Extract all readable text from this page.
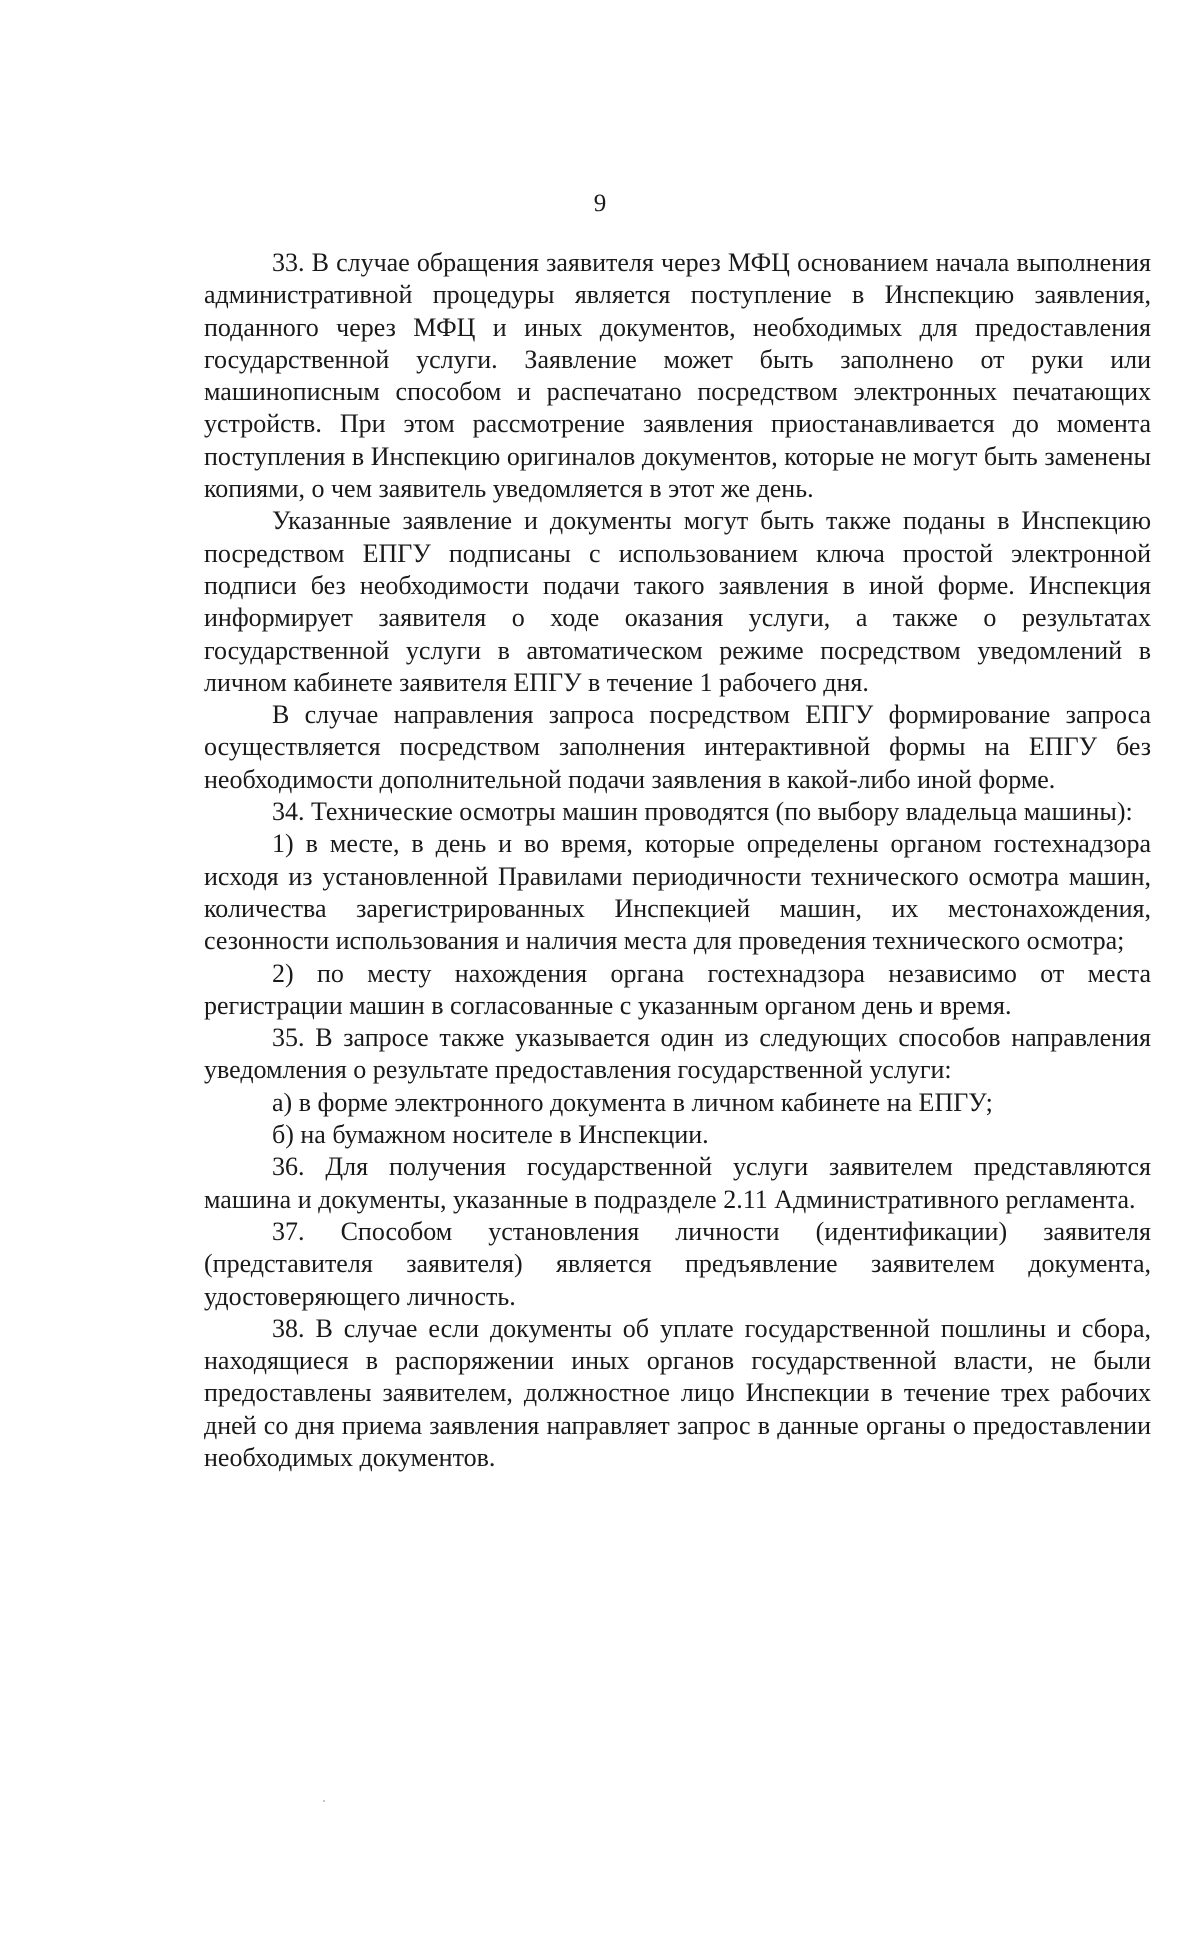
9

33. В случае обращения заявителя через МФЦ основанием начала выполнения административной процедуры является поступление в Инспекцию заявления, поданного через МФЦ и иных документов, необходимых для предоставления государственной услуги. Заявление может быть заполнено от руки или машинописным способом и распечатано посредством электронных печатающих устройств. При этом рассмотрение заявления приостанавливается до момента поступления в Инспекцию оригиналов документов, которые не могут быть заменены копиями, о чем заявитель уведомляется в этот же день.

Указанные заявление и документы могут быть также поданы в Инспекцию посредством ЕПГУ подписаны с использованием ключа простой электронной подписи без необходимости подачи такого заявления в иной форме. Инспекция информирует заявителя о ходе оказания услуги, а также о результатах государственной услуги в автоматическом режиме посредством уведомлений в личном кабинете заявителя ЕПГУ в течение 1 рабочего дня.

В случае направления запроса посредством ЕПГУ формирование запроса осуществляется посредством заполнения интерактивной формы на ЕПГУ без необходимости дополнительной подачи заявления в какой-либо иной форме.

34. Технические осмотры машин проводятся (по выбору владельца машины):

1) в месте, в день и во время, которые определены органом гостехнадзора исходя из установленной Правилами периодичности технического осмотра машин, количества зарегистрированных Инспекцией машин, их местонахождения, сезонности использования и наличия места для проведения технического осмотра;

2) по месту нахождения органа гостехнадзора независимо от места регистрации машин в согласованные с указанным органом день и время.

35. В запросе также указывается один из следующих способов направления уведомления о результате предоставления государственной услуги:

а) в форме электронного документа в личном кабинете на ЕПГУ;

б) на бумажном носителе в Инспекции.

36. Для получения государственной услуги заявителем представляются машина и документы, указанные в подразделе 2.11 Административного регламента.

37. Способом установления личности (идентификации) заявителя (представителя заявителя) является предъявление заявителем документа, удостоверяющего личность.

38. В случае если документы об уплате государственной пошлины и сбора, находящиеся в распоряжении иных органов государственной власти, не были предоставлены заявителем, должностное лицо Инспекции в течение трех рабочих дней со дня приема заявления направляет запрос в данные органы о предоставлении необходимых документов.
